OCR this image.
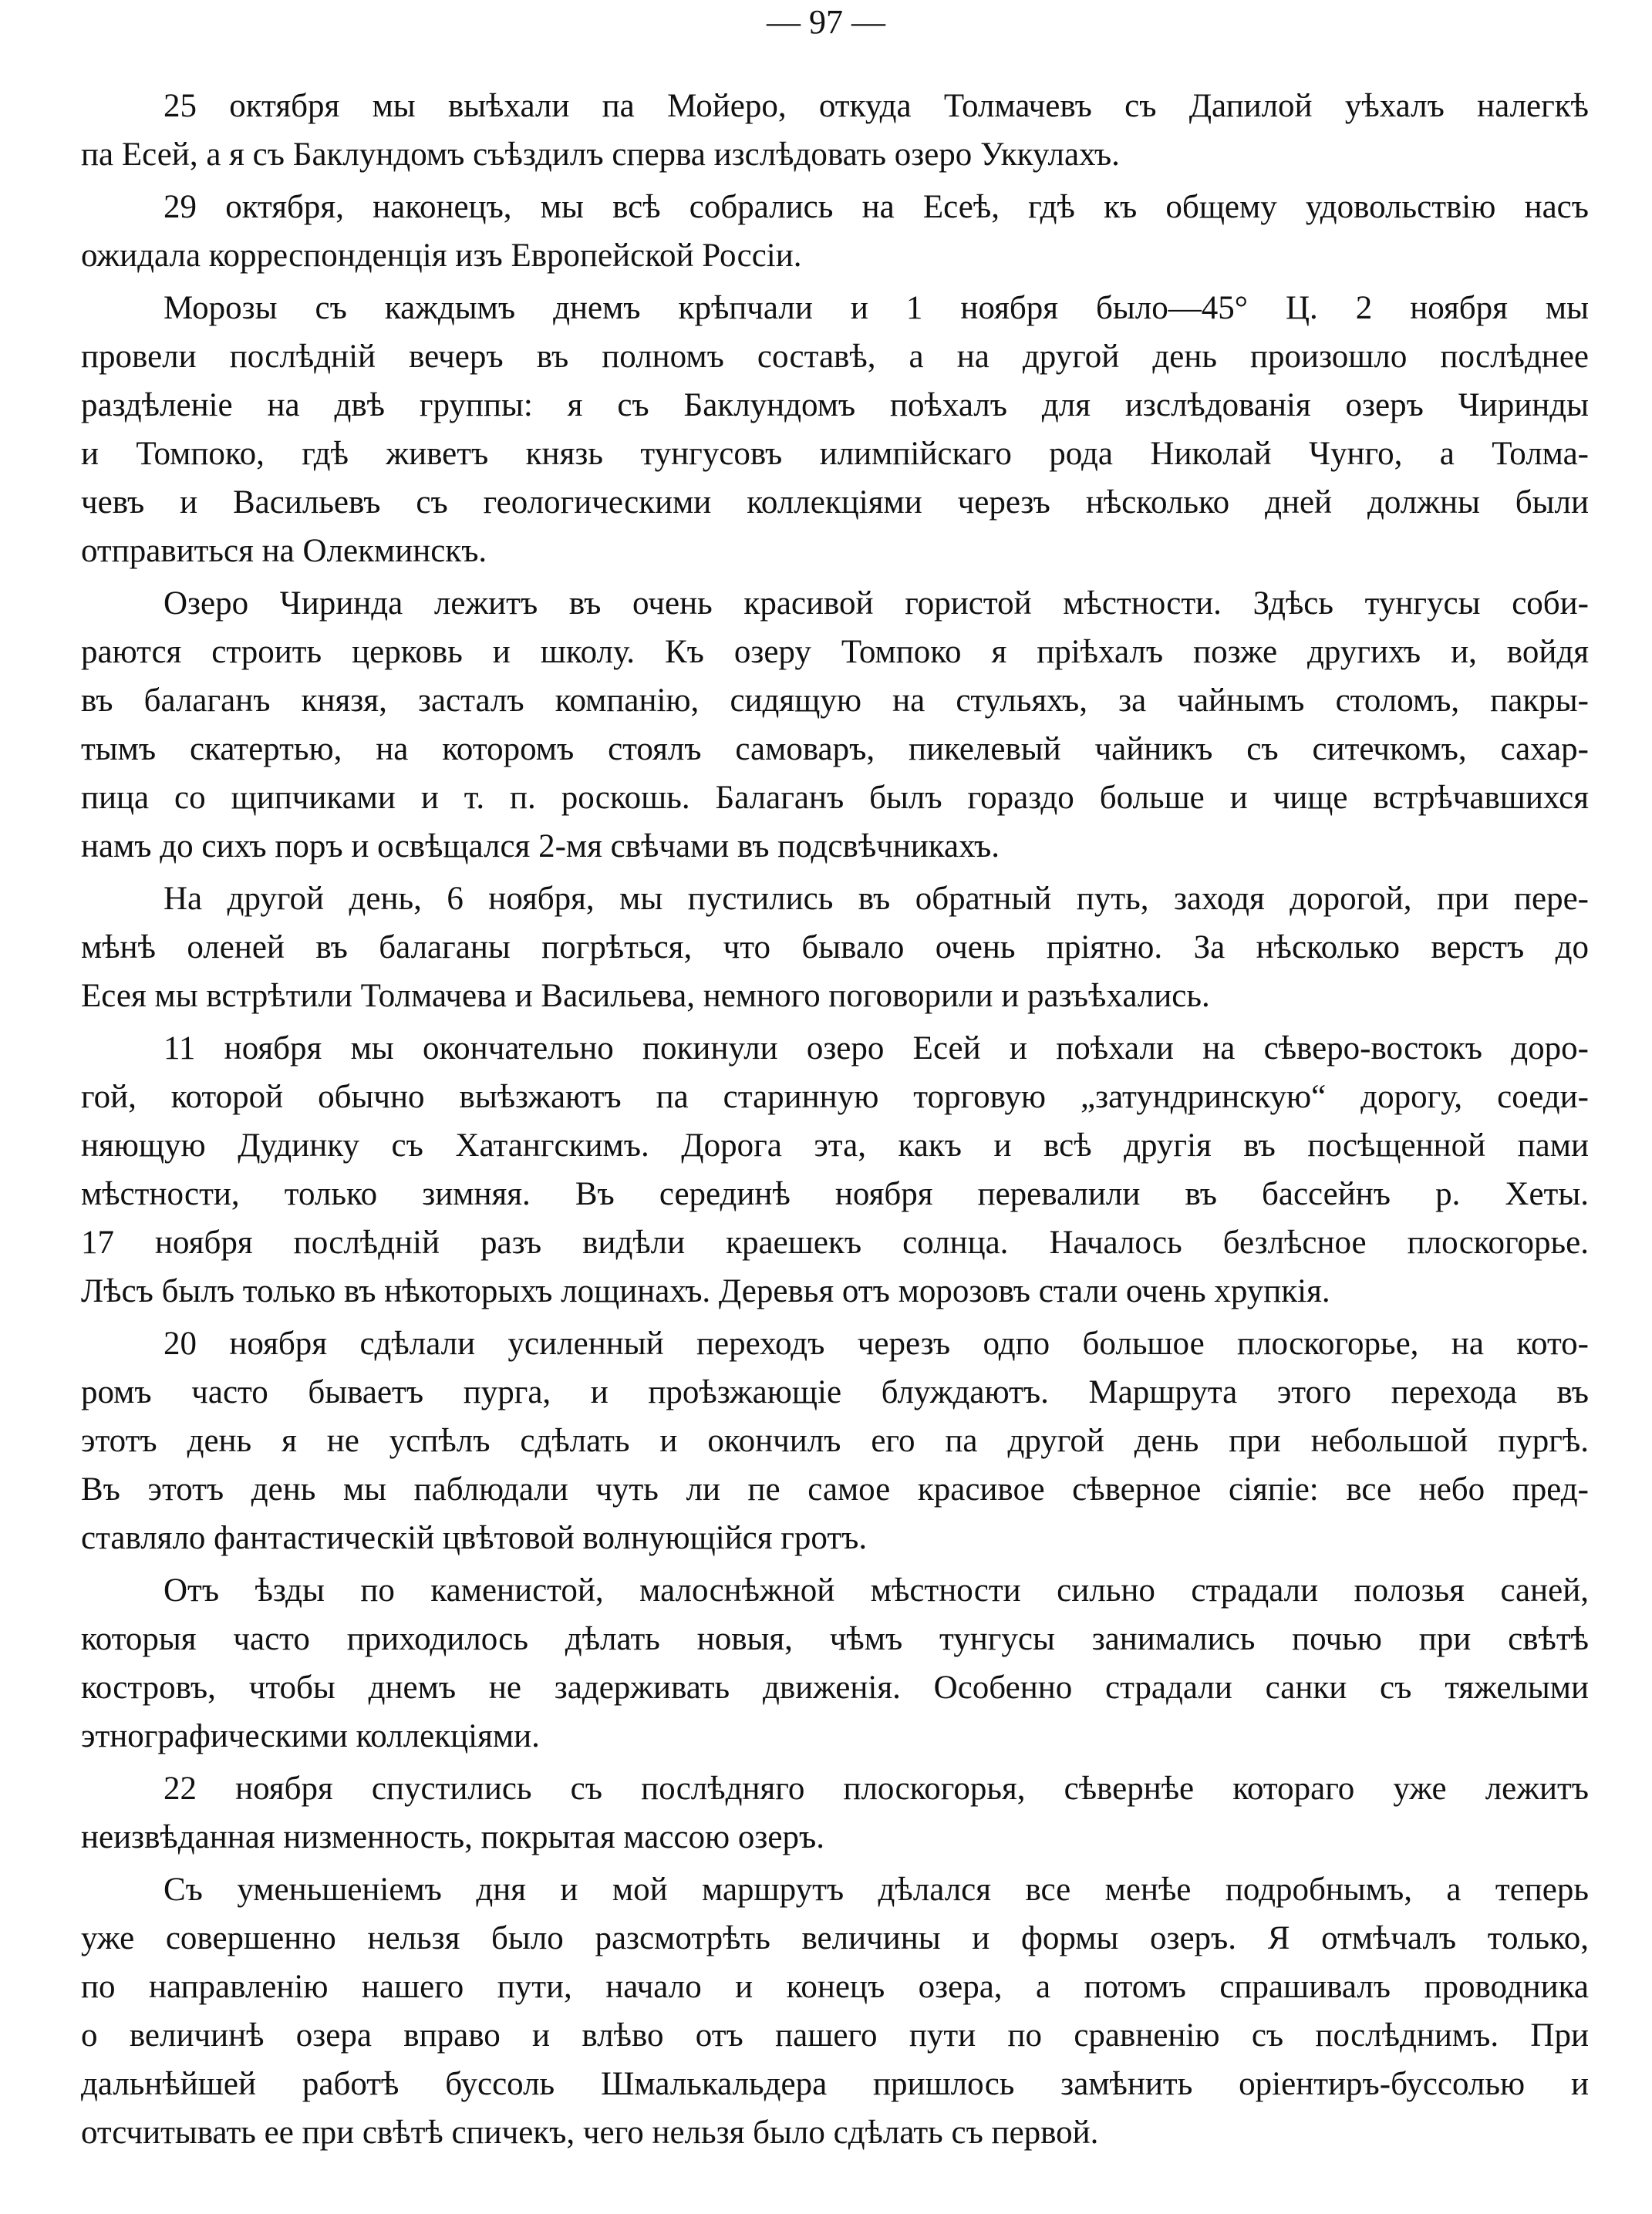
— 97 —
25 октября мы выѣхали па Мойеро, откуда Толмачевъ съ Дапилой уѣхалъ налегкѣ
па Есей, а я съ Баклундомъ съѣздилъ сперва изслѣдовать озеро Уккулахъ.
29 октября, наконецъ, мы всѣ собрались на Есеѣ, гдѣ къ общему удовольствію насъ
ожидала корреспонденція изъ Европейской Россіи.
Морозы съ каждымъ днемъ крѣпчали и 1 ноября было—45° Ц. 2 ноября мы
провели послѣдній вечеръ въ полномъ составѣ, а на другой день произошло послѣднее
раздѣленіе на двѣ группы: я съ Баклундомъ поѣхалъ для изслѣдованія озеръ Чиринды
и Томпоко, гдѣ живетъ князь тунгусовъ илимпійскаго рода Николай Чунго, а Толма-
чевъ и Васильевъ съ геологическими коллекціями черезъ нѣсколько дней должны были
отправиться на Олекминскъ.
Озеро Чиринда лежитъ въ очень красивой гористой мѣстности. Здѣсь тунгусы соби-
раются строить церковь и школу. Къ озеру Томпоко я пріѣхалъ позже другихъ и, войдя
въ балаганъ князя, засталъ компанію, сидящую на стульяхъ, за чайнымъ столомъ, пакры-
тымъ скатертью, на которомъ стоялъ самоваръ, пикелевый чайникъ съ ситечкомъ, сахар-
пица со щипчиками и т. п. роскошь. Балаганъ былъ гораздо больше и чище встрѣчавшихся
намъ до сихъ поръ и освѣщался 2-мя свѣчами въ подсвѣчникахъ.
На другой день, 6 ноября, мы пустились въ обратный путь, заходя дорогой, при пере-
мѣнѣ оленей въ балаганы погрѣться, что бывало очень пріятно. За нѣсколько верстъ до
Есея мы встрѣтили Толмачева и Васильева, немного поговорили и разъѣхались.
11 ноября мы окончательно покинули озеро Есей и поѣхали на сѣверо-востокъ доро-
гой, которой обычно выѣзжаютъ па старинную торговую „затундринскую“ дорогу, соеди-
няющую Дудинку съ Хатангскимъ. Дорога эта, какъ и всѣ другія въ посѣщенной пами
мѣстности, только зимняя. Въ серединѣ ноября перевалили въ бассейнъ р. Хеты.
17 ноября послѣдній разъ видѣли краешекъ солнца. Началось безлѣсное плоскогорье.
Лѣсъ былъ только въ нѣкоторыхъ лощинахъ. Деревья отъ морозовъ стали очень хрупкія.
20 ноября сдѣлали усиленный переходъ черезъ одпо большое плоскогорье, на кото-
ромъ часто бываетъ пурга, и проѣзжающіе блуждаютъ. Маршрута этого перехода въ
этотъ день я не успѣлъ сдѣлать и окончилъ его па другой день при небольшой пургѣ.
Въ этотъ день мы паблюдали чуть ли пе самое красивое сѣверное сіяпіе: все небо пред-
ставляло фантастическій цвѣтовой волнующійся гротъ.
Отъ ѣзды по каменистой, малоснѣжной мѣстности сильно страдали полозья саней,
которыя часто приходилось дѣлать новыя, чѣмъ тунгусы занимались почью при свѣтѣ
костровъ, чтобы днемъ не задерживать движенія. Особенно страдали санки съ тяжелыми
этнографическими коллекціями.
22 ноября спустились съ послѣдняго плоскогорья, сѣвернѣе котораго уже лежитъ
неизвѣданная низменность, покрытая массою озеръ.
Съ уменьшеніемъ дня и мой маршрутъ дѣлался все менѣе подробнымъ, а теперь
уже совершенно нельзя было разсмотрѣть величины и формы озеръ. Я отмѣчалъ только,
по направленію нашего пути, начало и конецъ озера, а потомъ спрашивалъ проводника
о величинѣ озера вправо и влѣво отъ пашего пути по сравненію съ послѣднимъ. При
дальнѣйшей работѣ буссоль Шмалькальдера пришлось замѣнить оріентиръ-буссолью и
отсчитывать ее при свѣтѣ спичекъ, чего нельзя было сдѣлать съ первой.
